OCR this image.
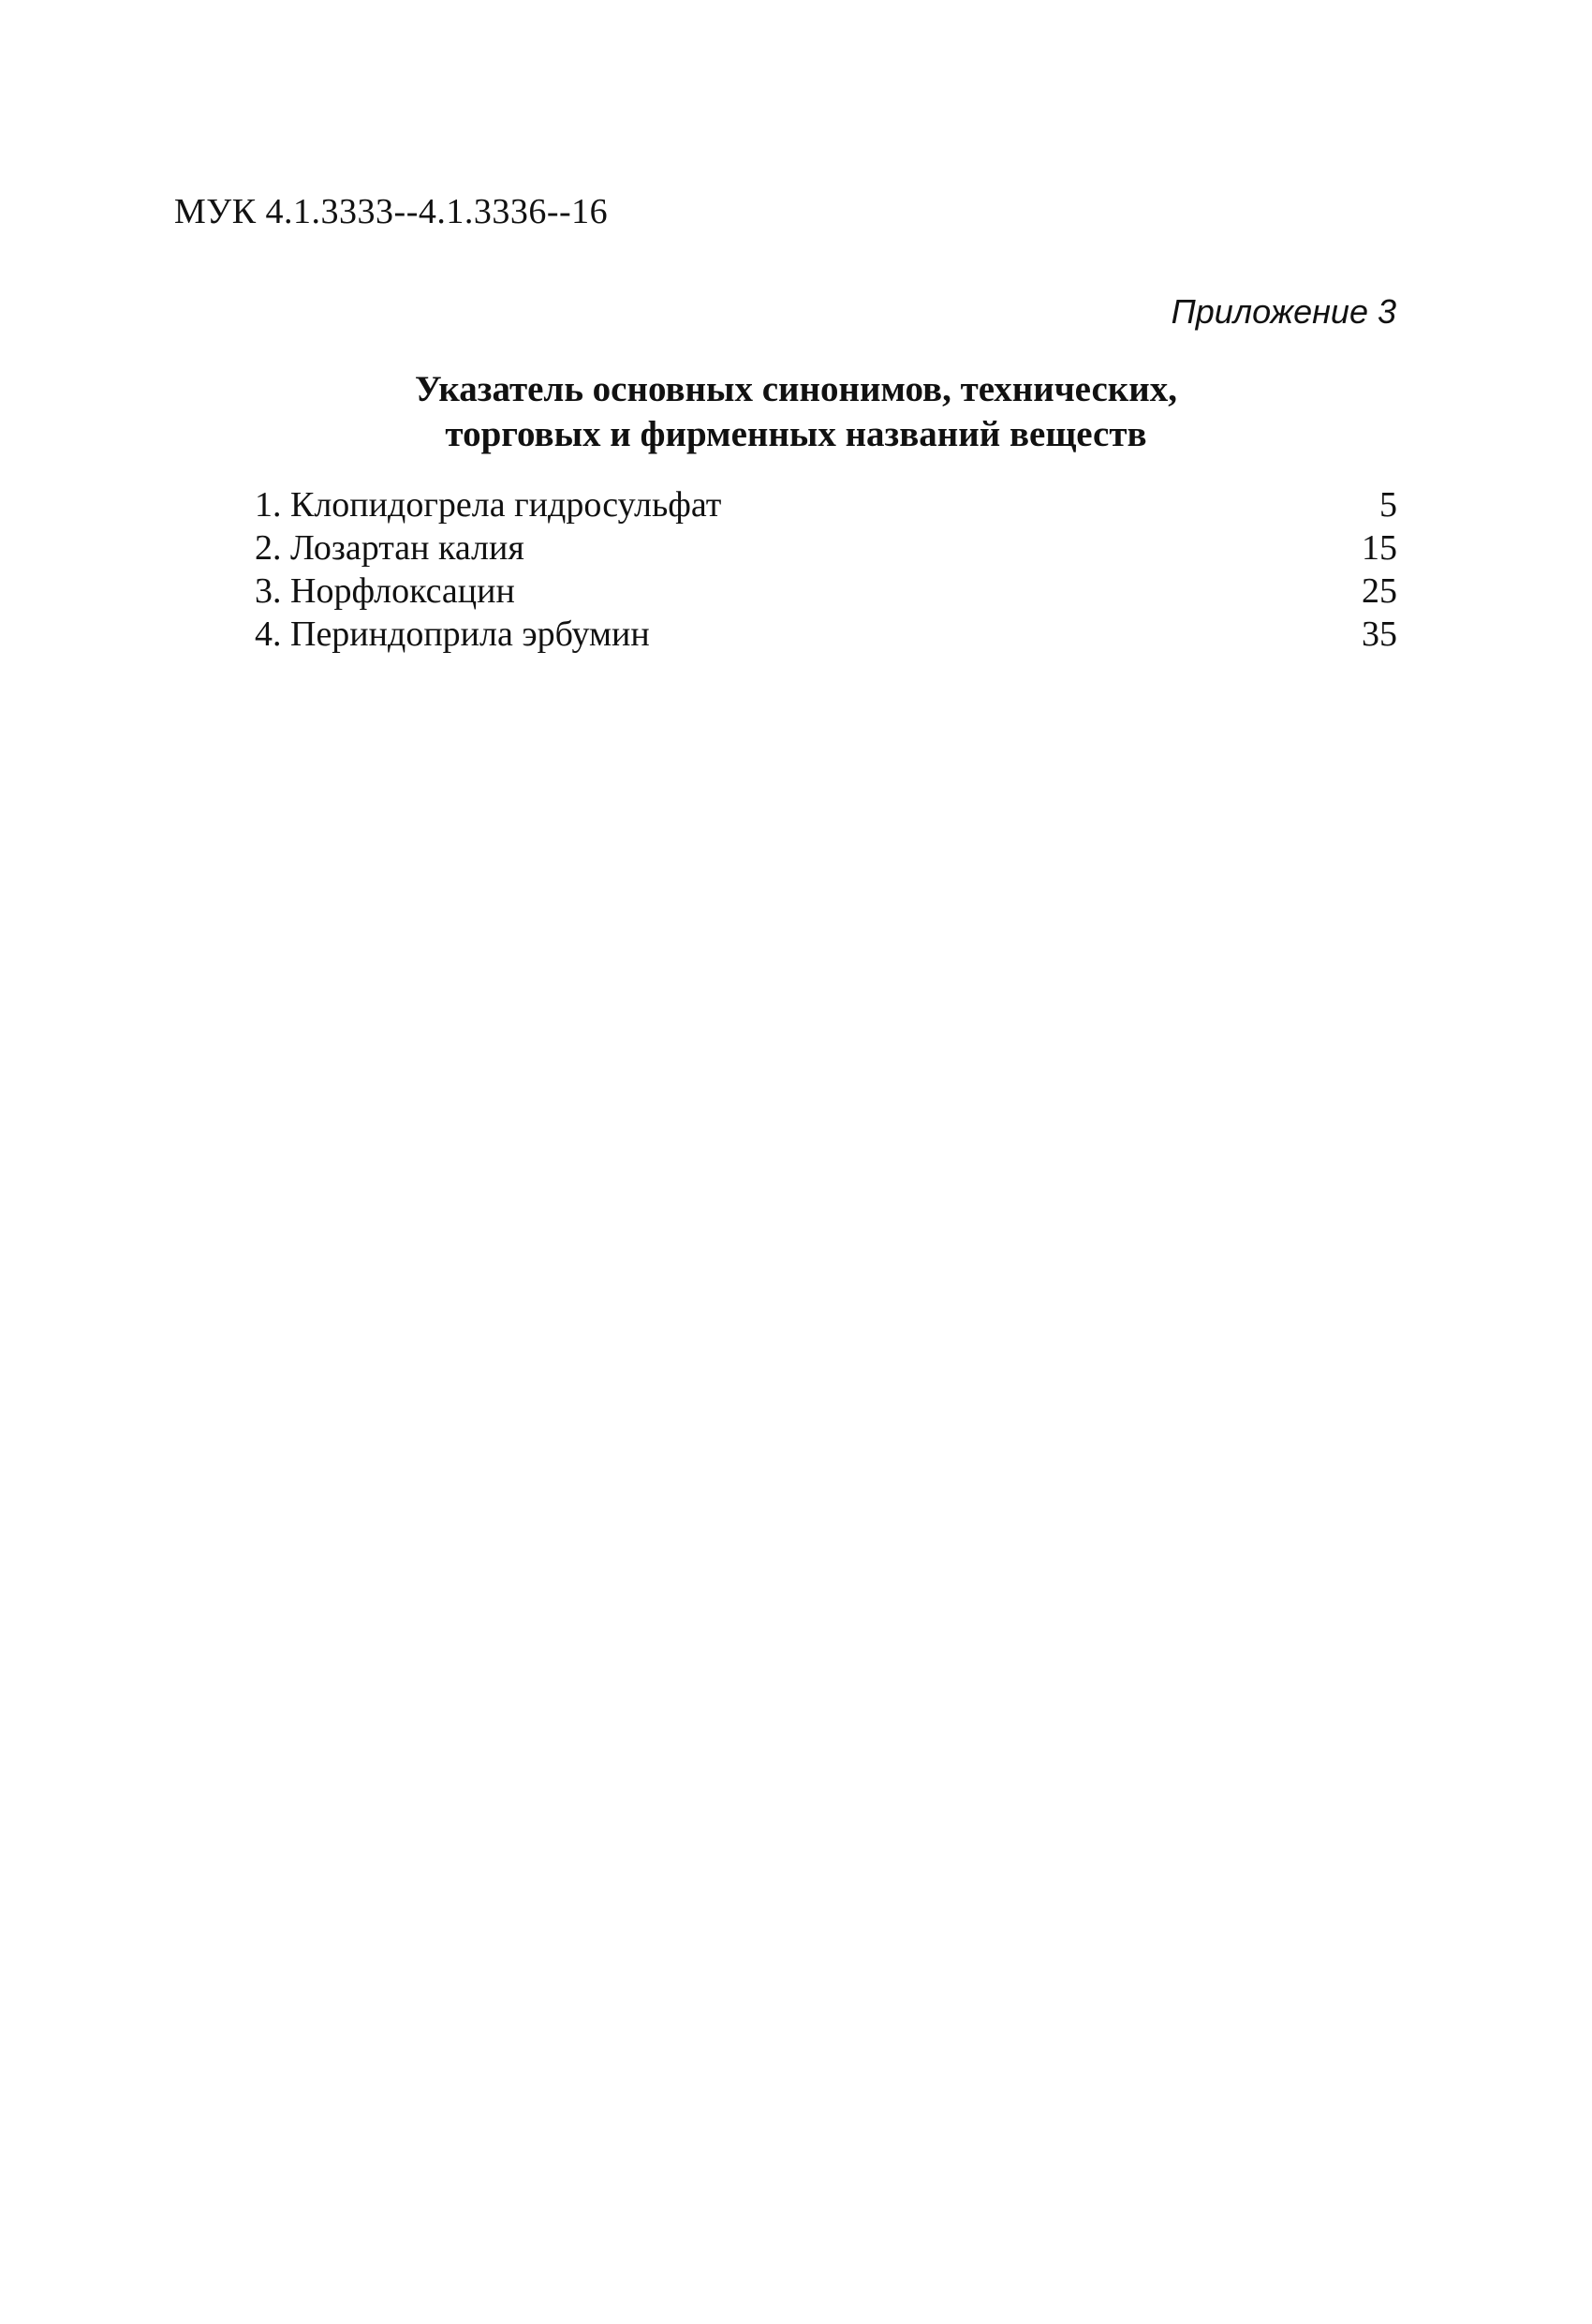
МУК 4.1.3333--4.1.3336--16
Приложение 3
Указатель основных синонимов, технических,
торговых и фирменных названий веществ
1. Клопидогрела гидросульфат	5
2. Лозартан калия	15
3. Норфлоксацин	25
4. Периндоприла эрбумин	35
